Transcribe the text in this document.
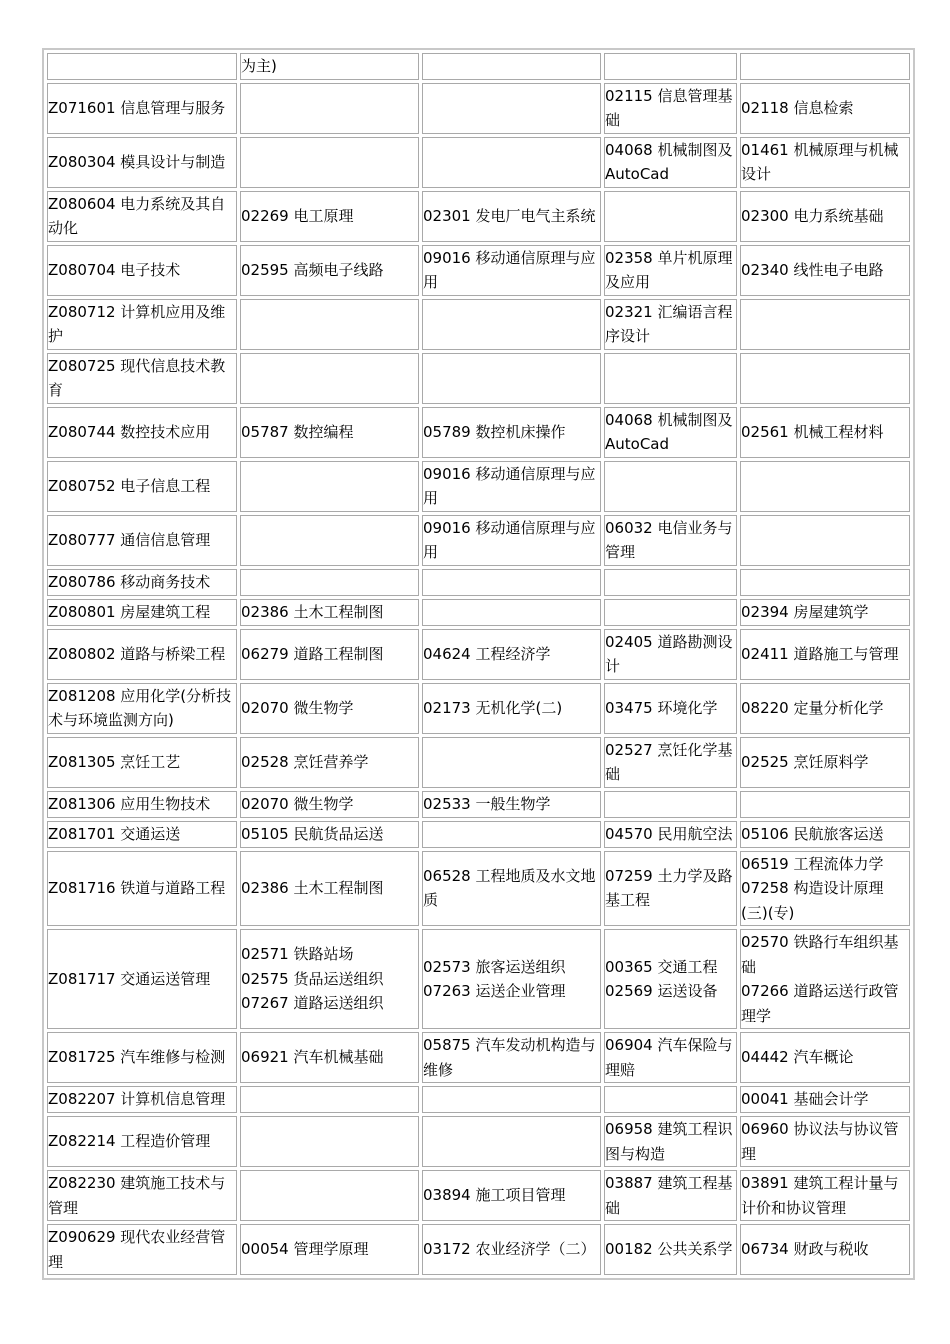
	为主)			

Z071601 信息管理与服务			02115 信息管理基础	02118 信息检索

Z080304 模具设计与制造			04068 机械制图及AutoCad	01461 机械原理与机械设计

Z080604 电力系统及其自动化	02269 电工原理	02301 发电厂电气主系统		02300 电力系统基础

Z080704 电子技术	02595 高频电子线路	09016 移动通信原理与应用	02358 单片机原理及应用	02340 线性电子电路

Z080712 计算机应用及维护			02321 汇编语言程序设计	

Z080725 现代信息技术教育				

Z080744 数控技术应用	05787 数控编程	05789 数控机床操作	04068 机械制图及AutoCad	02561 机械工程材料

Z080752 电子信息工程		09016 移动通信原理与应用		

Z080777 通信信息管理		09016 移动通信原理与应用	06032 电信业务与管理	

Z080786 移动商务技术				

Z080801 房屋建筑工程	02386 土木工程制图			02394 房屋建筑学

Z080802 道路与桥梁工程	06279 道路工程制图	04624 工程经济学	02405 道路勘测设计	02411 道路施工与管理

Z081208 应用化学(分析技术与环境监测方向)	02070 微生物学	02173 无机化学(二)	03475 环境化学	08220 定量分析化学

Z081305 烹饪工艺	02528 烹饪营养学		02527 烹饪化学基础	02525 烹饪原料学

Z081306 应用生物技术	02070 微生物学	02533 一般生物学		

Z081701 交通运送	05105 民航货品运送		04570 民用航空法	05106 民航旅客运送

Z081716 铁道与道路工程	02386 土木工程制图	06528 工程地质及水文地质	07259 土力学及路基工程	06519 工程流体力学
07258 构造设计原理(三)(专)

Z081717 交通运送管理	02571 铁路站场
02575 货品运送组织
07267 道路运送组织	02573 旅客运送组织
07263 运送企业管理	00365 交通工程
02569 运送设备	02570 铁路行车组织基础
07266 道路运送行政管理学

Z081725 汽车维修与检测	06921 汽车机械基础	05875 汽车发动机构造与维修	06904 汽车保险与理赔	04442 汽车概论

Z082207 计算机信息管理				00041 基础会计学

Z082214 工程造价管理			06958 建筑工程识图与构造	06960 协议法与协议管理

Z082230 建筑施工技术与管理		03894 施工项目管理	03887 建筑工程基础	03891 建筑工程计量与计价和协议管理

Z090629 现代农业经营管理	00054 管理学原理	03172 农业经济学（二）	00182 公共关系学	06734 财政与税收
